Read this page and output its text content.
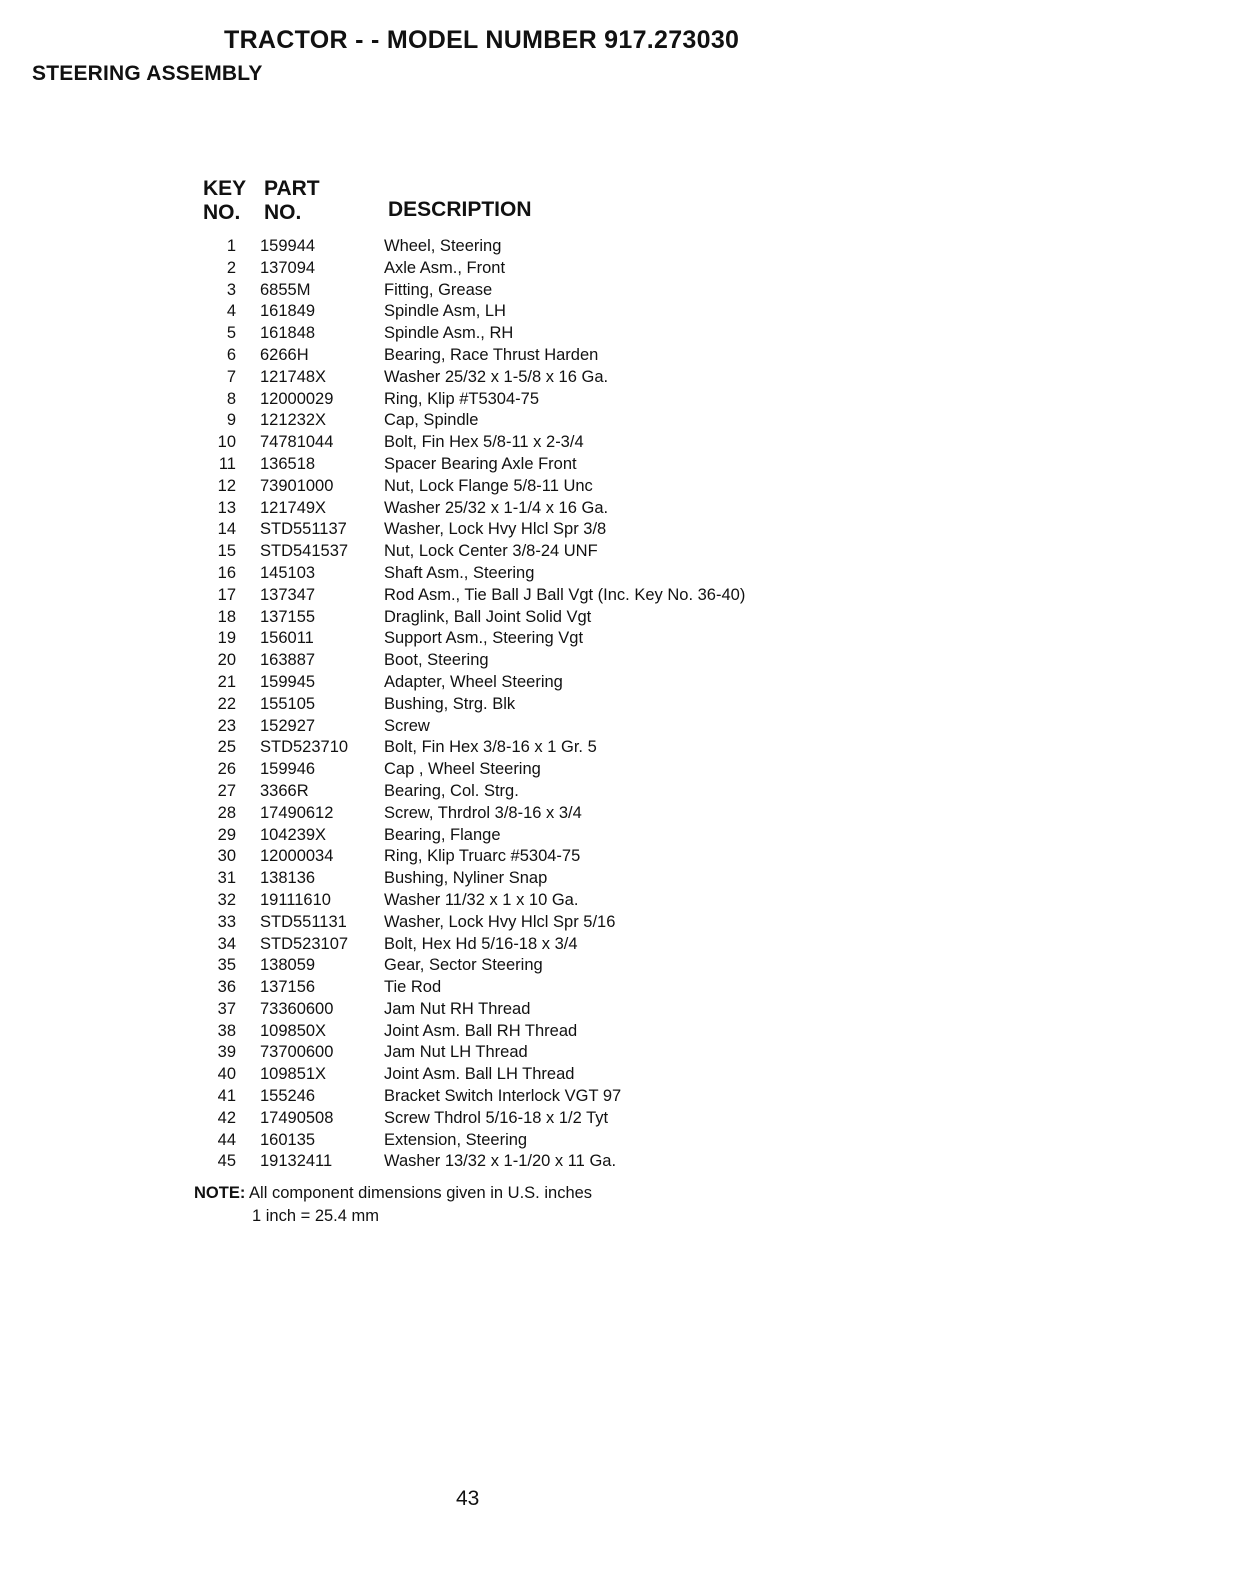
TRACTOR - - MODEL NUMBER 917.273030
STEERING ASSEMBLY
KEY
NO.
PART
NO.	DESCRIPTION
1 159944	Wheel, Steering
2 137094	Axle Asm., Front
3 6855M	Fitting, Grease
4 161849	Spindle Asm, LH
5 161848	Spindle Asm., RH
6 6266H	Bearing, Race Thrust Harden
7 121748X	Washer 25/32 x 1-5/8 x 16 Ga.
8 12000029	Ring, Klip #T5304-75
9 121232X	Cap, Spindle
10 74781044	Bolt, Fin Hex 5/8-11 x 2-3/4
11 136518	Spacer Bearing Axle Front
12 73901000	Nut, Lock Flange 5/8-11 Unc
13 121749X	Washer 25/32 x 1-1/4 x 16 Ga.
14 STD551137 Washer, Lock Hvy Hlcl Spr 3/8
15 STD541537 Nut, Lock Center 3/8-24 UNF
16 145103	Shaft Asm., Steering
17 137347	Rod Asm., Tie Ball J Ball Vgt (Inc. Key No. 36-40)
18 137155	Draglink, Ball Joint Solid Vgt
19 156011	Support Asm., Steering Vgt
20 163887	Boot, Steering
21 159945	Adapter, Wheel Steering
22 155105	Bushing, Strg. Blk
23 152927	Screw
25 STD523710 Bolt, Fin Hex 3/8-16 x 1 Gr. 5
26 159946	Cap , Wheel Steering
27 3366R	Bearing, Col. Strg.
28 17490612	Screw, Thrdrol 3/8-16 x 3/4
29 104239X	Bearing, Flange
30 12000034	Ring, Klip Truarc #5304-75
31 138136	Bushing, Nyliner Snap
32 19111610	Washer 11/32 x 1 x 10 Ga.
33 STD551131 Washer, Lock Hvy Hlcl Spr 5/16
34 STD523107 Bolt, Hex Hd 5/16-18 x 3/4
35 138059	Gear, Sector Steering
36 137156	Tie Rod
37 73360600	Jam Nut RH Thread
38 109850X	Joint Asm. Ball RH Thread
39 73700600	Jam Nut LH Thread
40 109851X	Joint Asm. Ball LH Thread
41 155246	Bracket Switch Interlock VGT 97
42 17490508	Screw Thdrol 5/16-18 x 1/2 Tyt
44 160135	Extension, Steering
45 19132411	Washer 13/32 x 1-1/20 x 11 Ga.
NOTE: All component dimensions given in U.S. inches
1 inch = 25.4 mm
43
